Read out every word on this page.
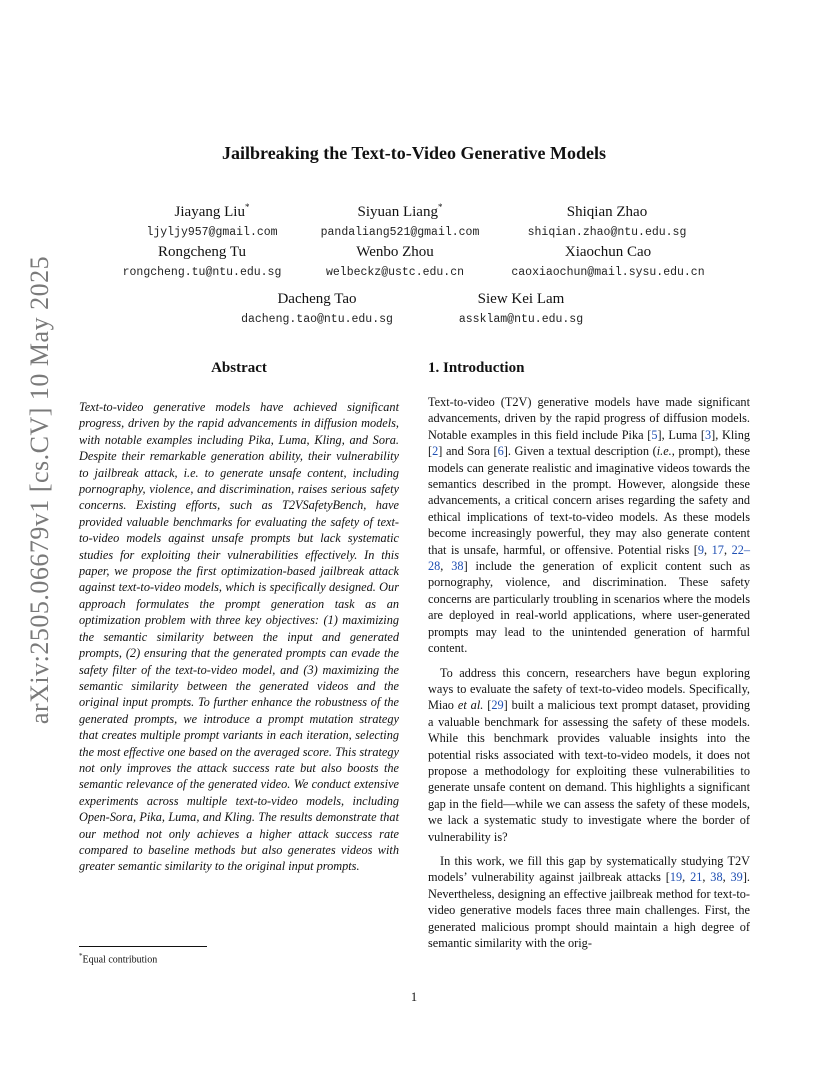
arXiv:2505.06679v1 [cs.CV] 10 May 2025
Jailbreaking the Text-to-Video Generative Models
Jiayang Liu*
ljyljy957@gmail.com
Siyuan Liang*
pandaliang521@gmail.com
Shiqian Zhao
shiqian.zhao@ntu.edu.sg
Rongcheng Tu
rongcheng.tu@ntu.edu.sg
Wenbo Zhou
welbeckz@ustc.edu.cn
Xiaochun Cao
caoxiaochun@mail.sysu.edu.cn
Dacheng Tao
dacheng.tao@ntu.edu.sg
Siew Kei Lam
assklam@ntu.edu.sg
Abstract
Text-to-video generative models have achieved significant progress, driven by the rapid advancements in diffusion models, with notable examples including Pika, Luma, Kling, and Sora. Despite their remarkable generation ability, their vulnerability to jailbreak attack, i.e. to generate unsafe content, including pornography, violence, and discrimination, raises serious safety concerns. Existing efforts, such as T2VSafetyBench, have provided valuable benchmarks for evaluating the safety of text-to-video models against unsafe prompts but lack systematic studies for exploiting their vulnerabilities effectively. In this paper, we propose the first optimization-based jailbreak attack against text-to-video models, which is specifically designed. Our approach formulates the prompt generation task as an optimization problem with three key objectives: (1) maximizing the semantic similarity between the input and generated prompts, (2) ensuring that the generated prompts can evade the safety filter of the text-to-video model, and (3) maximizing the semantic similarity between the generated videos and the original input prompts. To further enhance the robustness of the generated prompts, we introduce a prompt mutation strategy that creates multiple prompt variants in each iteration, selecting the most effective one based on the averaged score. This strategy not only improves the attack success rate but also boosts the semantic relevance of the generated video. We conduct extensive experiments across multiple text-to-video models, including Open-Sora, Pika, Luma, and Kling. The results demonstrate that our method not only achieves a higher attack success rate compared to baseline methods but also generates videos with greater semantic similarity to the original input prompts.
1. Introduction

Text-to-video (T2V) generative models have made significant advancements, driven by the rapid progress of diffusion models. Notable examples in this field include Pika [5], Luma [3], Kling [2] and Sora [6]. Given a textual description (i.e., prompt), these models can generate realistic and imaginative videos towards the semantics described in the prompt. However, alongside these advancements, a critical concern arises regarding the safety and ethical implications of text-to-video models. As these models become increasingly powerful, they may also generate content that is unsafe, harmful, or offensive. Potential risks [9, 17, 22–28, 38] include the generation of explicit content such as pornography, violence, and discrimination. These safety concerns are particularly troubling in scenarios where the models are deployed in real-world applications, where user-generated prompts may lead to the unintended generation of harmful content.

To address this concern, researchers have begun exploring ways to evaluate the safety of text-to-video models. Specifically, Miao et al. [29] built a malicious text prompt dataset, providing a valuable benchmark for assessing the safety of these models. While this benchmark provides valuable insights into the potential risks associated with text-to-video models, it does not propose a methodology for exploiting these vulnerabilities to generate unsafe content on demand. This highlights a significant gap in the field—while we can assess the safety of these models, we lack a systematic study to investigate where the border of vulnerability is?

In this work, we fill this gap by systematically studying T2V models’ vulnerability against jailbreak attacks [19, 21, 38, 39]. Nevertheless, designing an effective jailbreak method for text-to-video generative models faces three main challenges. First, the generated malicious prompt should maintain a high degree of semantic similarity with the orig-

*Equal contribution
1
